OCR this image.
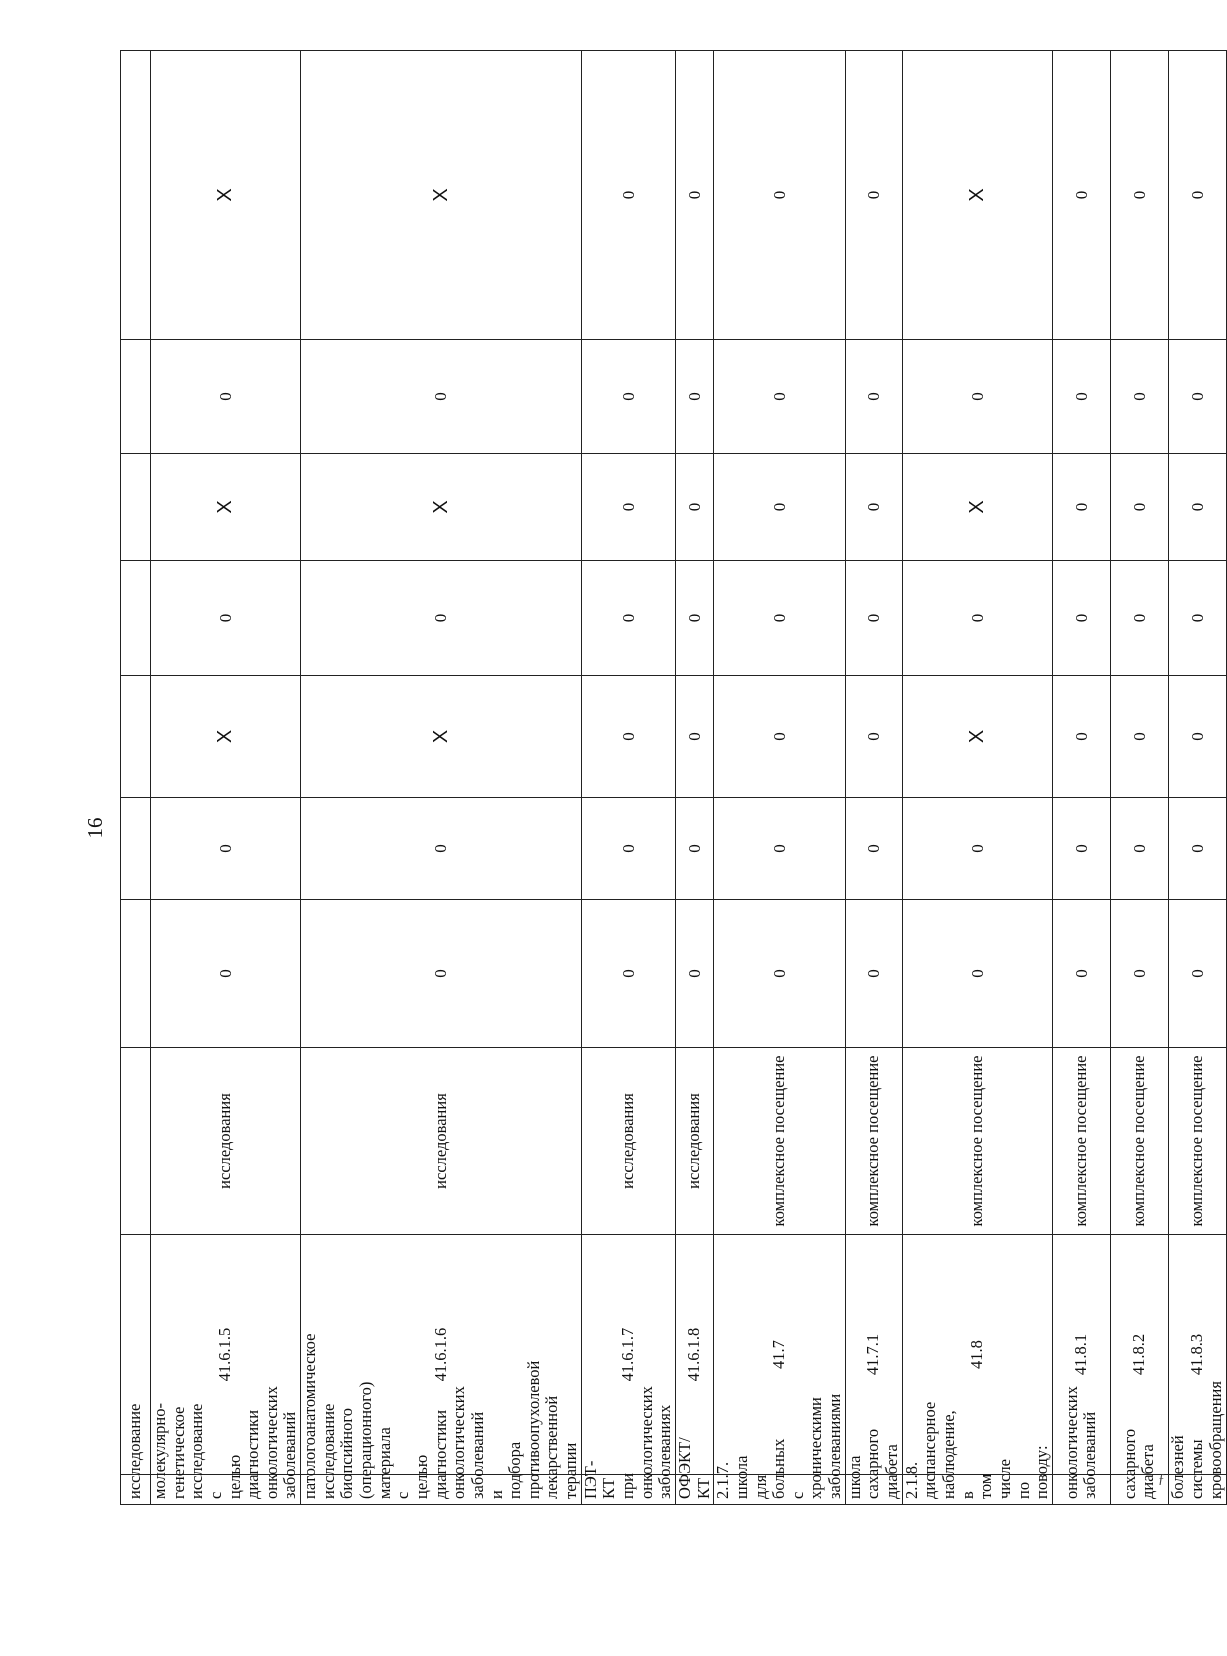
16
исследование									
молекулярно-генетическое исследование с целью диагностики онкологических заболеваний	41.6.1.5	исследования	0	0	X	0	X	0	X
патологоанатомическое исследование биопсийного (операционного) материала с целью диагностики онкологических заболеваний и подбора противоопухолевой лекарственной терапии	41.6.1.6	исследования	0	0	X	0	X	0	X
ПЭТ-КТ при онкологических заболеваниях	41.6.1.7	исследования	0	0	0	0	0	0	0
ОФЭКТ/КТ	41.6.1.8	исследования	0	0	0	0	0	0	0
2.1.7. школа для больных с хроническими заболеваниями	41.7	комплексное посещение	0	0	0	0	0	0	0
школа сахарного диабета	41.7.1	комплексное посещение	0	0	0	0	0	0	0
2.1.8. диспансерное наблюдение, в том числе по поводу:	41.8	комплексное посещение	0	0	X	0	X	0	X
онкологических заболеваний	41.8.1	комплексное посещение	0	0	0	0	0	0	0
сахарного диабета	41.8.2	комплексное посещение	0	0	0	0	0	0	0
болезней системы кровообращения	41.8.3	комплексное посещение	0	0	0	0	0	0	0
ƒ
